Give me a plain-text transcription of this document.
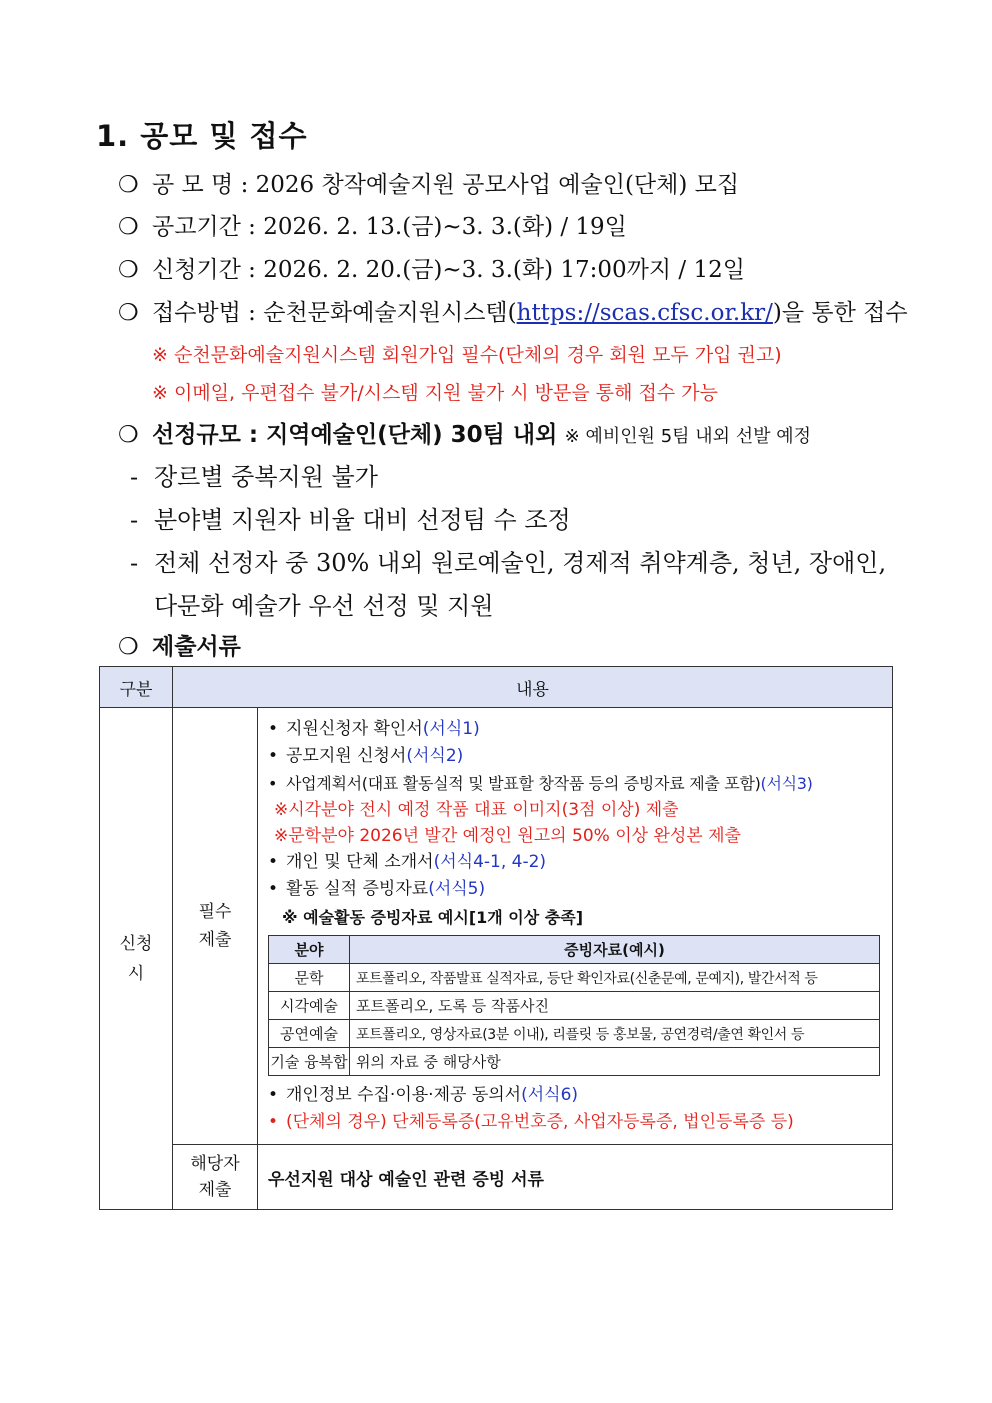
1. 공모 및 접수
❍ 공 모 명 : 2026 창작예술지원 공모사업 예술인(단체) 모집
❍ 공고기간 : 2026. 2. 13.(금)~3. 3.(화) / 19일
❍ 신청기간 : 2026. 2. 20.(금)~3. 3.(화) 17:00까지 / 12일
❍ 접수방법 : 순천문화예술지원시스템(https://scas.cfsc.or.kr/)을 통한 접수
※ 순천문화예술지원시스템 회원가입 필수(단체의 경우 회원 모두 가입 권고)
※ 이메일, 우편접수 불가/시스템 지원 불가 시 방문을 통해 접수 가능
❍ 선정규모 : 지역예술인(단체) 30팀 내외 ※ 예비인원 5팀 내외 선발 예정
- 장르별 중복지원 불가
- 분야별 지원자 비율 대비 선정팀 수 조정
- 전체 선정자 중 30% 내외 원로예술인, 경제적 취약계층, 청년, 장애인,
다문화 예술가 우선 선정 및 지원
❍ 제출서류
구분	내용
신청 시	필수 제출	
• 지원신청자 확인서(서식1)
• 공모지원 신청서(서식2)
• 사업계획서(대표 활동실적 및 발표할 창작품 등의 증빙자료 제출 포함)(서식3)
※시각분야 전시 예정 작품 대표 이미지(3점 이상) 제출
※문학분야 2026년 발간 예정인 원고의 50% 이상 완성본 제출
• 개인 및 단체 소개서(서식4-1, 4-2)
• 활동 실적 증빙자료(서식5)
※ 예술활동 증빙자료 예시[1개 이상 충족]
분야	증빙자료(예시)
문학	포트폴리오, 작품발표 실적자료, 등단 확인자료(신춘문예, 문예지), 발간서적 등
시각예술	포트폴리오, 도록 등 작품사진
공연예술	포트폴리오, 영상자료(3분 이내), 리플릿 등 홍보물, 공연경력/출연 확인서 등
기술 융복합	위의 자료 중 해당사항
• 개인정보 수집·이용·제공 동의서(서식6)
• (단체의 경우) 단체등록증(고유번호증, 사업자등록증, 법인등록증 등)

해당자 제출	우선지원 대상 예술인 관련 증빙 서류
